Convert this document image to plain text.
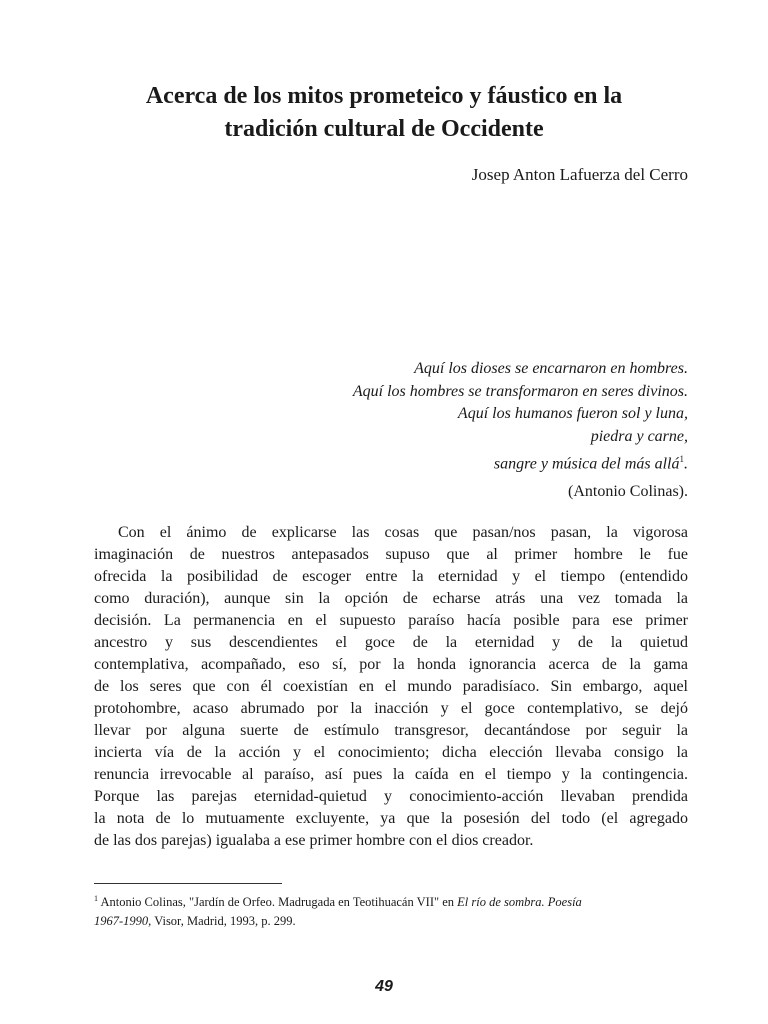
Acerca de los mitos prometeico y fáustico en la
tradición cultural de Occidente
Josep Anton Lafuerza del Cerro
Aquí los dioses se encarnaron en hombres.
Aquí los hombres se transformaron en seres divinos.
Aquí los humanos fueron sol y luna,
piedra y carne,
sangre y música del más allá$^1$.
(Antonio Colinas).
Con el ánimo de explicarse las cosas que pasan/nos pasan, la vigorosa
imaginación de nuestros antepasados supuso que al primer hombre le fue
ofrecida la posibilidad de escoger entre la eternidad y el tiempo (entendido
como duración), aunque sin la opción de echarse atrás una vez tomada la
decisión. La permanencia en el supuesto paraíso hacía posible para ese primer
ancestro y sus descendientes el goce de la eternidad y de la quietud
contemplativa, acompañado, eso sí, por la honda ignorancia acerca de la gama
de los seres que con él coexistían en el mundo paradisíaco. Sin embargo, aquel
protohombre, acaso abrumado por la inacción y el goce contemplativo, se dejó
llevar por alguna suerte de estímulo transgresor, decantándose por seguir la
incierta vía de la acción y el conocimiento; dicha elección llevaba consigo la
renuncia irrevocable al paraíso, así pues la caída en el tiempo y la contingencia.
Porque las parejas eternidad-quietud y conocimiento-acción llevaban prendida
la nota de lo mutuamente excluyente, ya que la posesión del todo (el agregado
de las dos parejas) igualaba a ese primer hombre con el dios creador.
$^1$ Antonio Colinas, "Jardín de Orfeo. Madrugada en Teotihuacán VII" en El río de sombra. Poesía
1967-1990, Visor, Madrid, 1993, p. 299.
49
